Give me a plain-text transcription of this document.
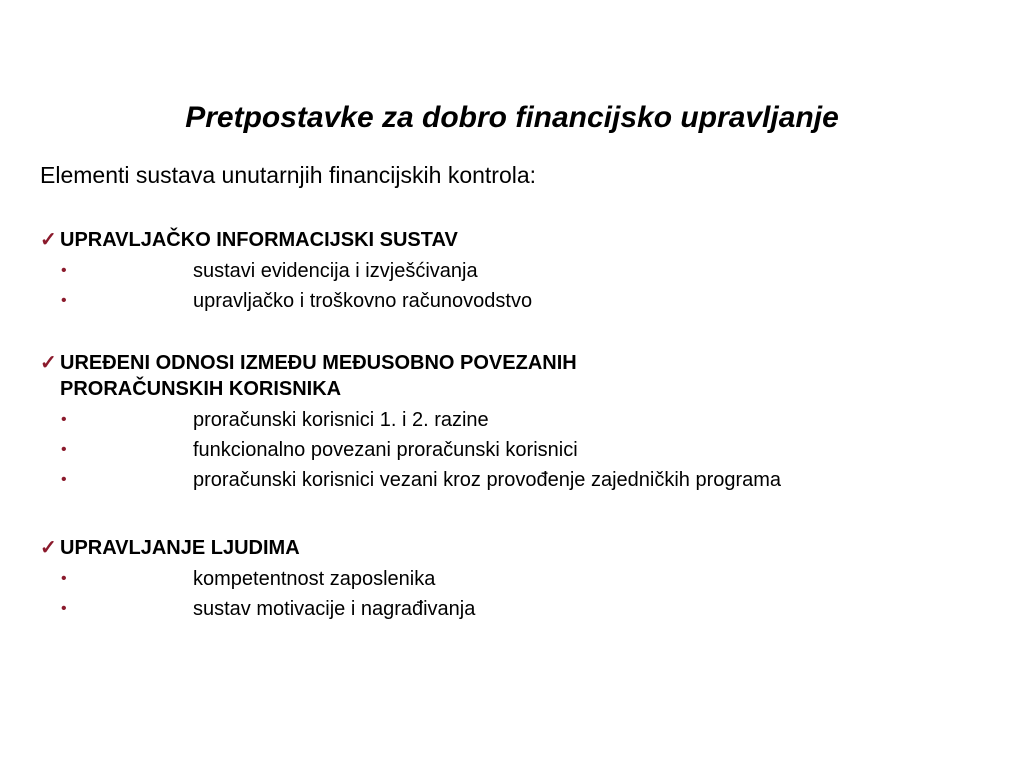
Pretpostavke za dobro financijsko upravljanje

Elementi sustava unutarnjih financijskih kontrola:

✓ UPRAVLJAČKO INFORMACIJSKI SUSTAV
•	sustavi evidencija i izvješćivanja
•	upravljačko i troškovno računovodstvo
✓ UREĐENI ODNOSI IZMEĐU MEĐUSOBNO POVEZANIH
PRORAČUNSKIH KORISNIKA
•	proračunski korisnici 1. i 2. razine
•	funkcionalno povezani proračunski korisnici
•	proračunski korisnici vezani kroz provođenje zajedničkih programa
✓ UPRAVLJANJE LJUDIMA
•	kompetentnost zaposlenika
•	sustav motivacije i nagrađivanja
